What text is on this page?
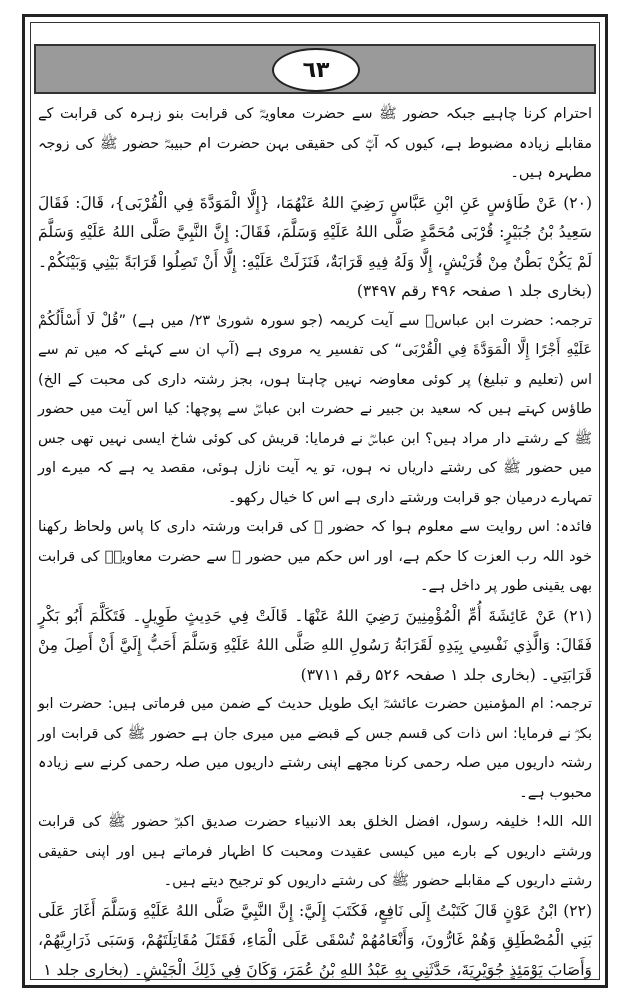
٦٣

احترام کرنا چاہیے جبکہ حضور ﷺ سے حضرت معاویہؓ کی قرابت بنو زہرہ کی قرابت کے مقابلے زیادہ مضبوط ہے، کیوں کہ آپؓ کی حقیقی بہن حضرت ام حبیبہؓ حضور ﷺ کی زوجہ مطہرہ ہیں۔

(۲۰) عَنْ طَاؤسٍ عَنِ ابْنِ عَبَّاسٍ رَضِيَ اللهُ عَنْهُمَا، {إِلَّا الْمَوَدَّةَ فِي الْقُرْبَى}، قَالَ: فَقَالَ سَعِيدُ بْنُ جُبَيْرٍ: قُرْبَى مُحَمَّدٍ صَلَّى اللهُ عَلَيْهِ وَسَلَّمَ، فَقَالَ: إِنَّ النَّبِيَّ صَلَّى اللهُ عَلَيْهِ وَسَلَّمَ لَمْ يَكُنْ بَطْنٌ مِنْ قُرَيْشٍ، إِلَّا وَلَهُ فِيهِ قَرَابَةٌ، فَنَزَلَتْ عَلَيْهِ: إِلَّا أَنْ تَصِلُوا قَرَابَةً بَيْنِي وَبَيْنَكُمْ۔ (بخاری جلد ۱ صفحہ ۴۹۶ رقم ۳۴۹۷)

ترجمہ: حضرت ابن عباسؓ سے آیت کریمہ (جو سورہ شوریٰ ۲۳/ میں ہے) ”قُلْ لَا أَسْأَلُكُمْ عَلَيْهِ أَجْرًا إِلَّا الْمَوَدَّةَ فِي الْقُرْبَى“ کی تفسیر یہ مروی ہے (آپ ان سے کہئے کہ میں تم سے اس (تعلیم و تبلیغ) پر کوئی معاوضہ نہیں چاہتا ہوں، بجز رشتہ داری کی محبت کے الخ) طاؤس کہتے ہیں کہ سعید بن جبیر نے حضرت ابن عباسؓ سے پوچھا: کیا اس آیت میں حضور ﷺ کے رشتے دار مراد ہیں؟ ابن عباسؓ نے فرمایا: قریش کی کوئی شاخ ایسی نہیں تھی جس میں حضور ﷺ کی رشتے داریاں نہ ہوں، تو یہ آیت نازل ہوئی، مقصد یہ ہے کہ میرے اور تمہارے درمیان جو قرابت ورشتے داری ہے اس کا خیال رکھو۔

فائدہ: اس روایت سے معلوم ہوا کہ حضور ﷺ کی قرابت ورشتہ داری کا پاس ولحاظ رکھنا خود اللہ رب العزت کا حکم ہے، اور اس حکم میں حضور ﷺ سے حضرت معاویہؓ کی قرابت بھی یقینی طور پر داخل ہے۔

(۲۱) عَنْ عَائِشَةَ أُمِّ الْمُؤْمِنِينَ رَضِيَ اللهُ عَنْهَا۔ قَالَتْ فِي حَدِيثٍ طَوِيلٍ۔ فَتَكَلَّمَ أَبُو بَكْرٍ فَقَالَ: وَالَّذِي نَفْسِي بِيَدِهِ لَقَرَابَةُ رَسُولِ اللهِ صَلَّى اللهُ عَلَيْهِ وَسَلَّمَ أَحَبُّ إِلَيَّ أَنْ أَصِلَ مِنْ قَرَابَتِي۔ (بخاری جلد ۱ صفحہ ۵۲۶ رقم ۳۷۱۱)

ترجمہ: ام المؤمنین حضرت عائشہؓ ایک طویل حدیث کے ضمن میں فرماتی ہیں: حضرت ابو بکرؓ نے فرمایا: اس ذات کی قسم جس کے قبضے میں میری جان ہے حضور ﷺ کی قرابت اور رشتہ داریوں میں صلہ رحمی کرنا مجھے اپنی رشتے داریوں میں صلہ رحمی کرنے سے زیادہ محبوب ہے۔

اللہ اللہ! خلیفہ رسول، افضل الخلق بعد الانبیاء حضرت صدیق اکبرؓ حضور ﷺ کی قرابت ورشتے داریوں کے بارے میں کیسی عقیدت ومحبت کا اظہار فرماتے ہیں اور اپنی حقیقی رشتے داریوں کے مقابلے حضور ﷺ کی رشتے داریوں کو ترجیح دیتے ہیں۔

(۲۲) ابْنُ عَوْنٍ قَالَ كَتَبْتُ إِلَى نَافِعٍ، فَكَتَبَ إِلَيَّ: إِنَّ النَّبِيَّ صَلَّى اللهُ عَلَيْهِ وَسَلَّمَ أَغَارَ عَلَى بَنِي الْمُصْطَلِقِ وَهُمْ غَارُّونَ، وَأَنْعَامُهُمْ تُسْقَى عَلَى الْمَاءِ، فَقَتَلَ مُقَاتِلَتَهُمْ، وَسَبَى ذَرَارِيَّهُمْ، وَأَصَابَ يَوْمَئِذٍ جُوَيْرِيَةَ، حَدَّثَنِي بِهِ عَبْدُ اللهِ بْنُ عُمَرَ، وَكَانَ فِي ذَلِكَ الْجَيْشِ۔ (بخاری جلد ۱
